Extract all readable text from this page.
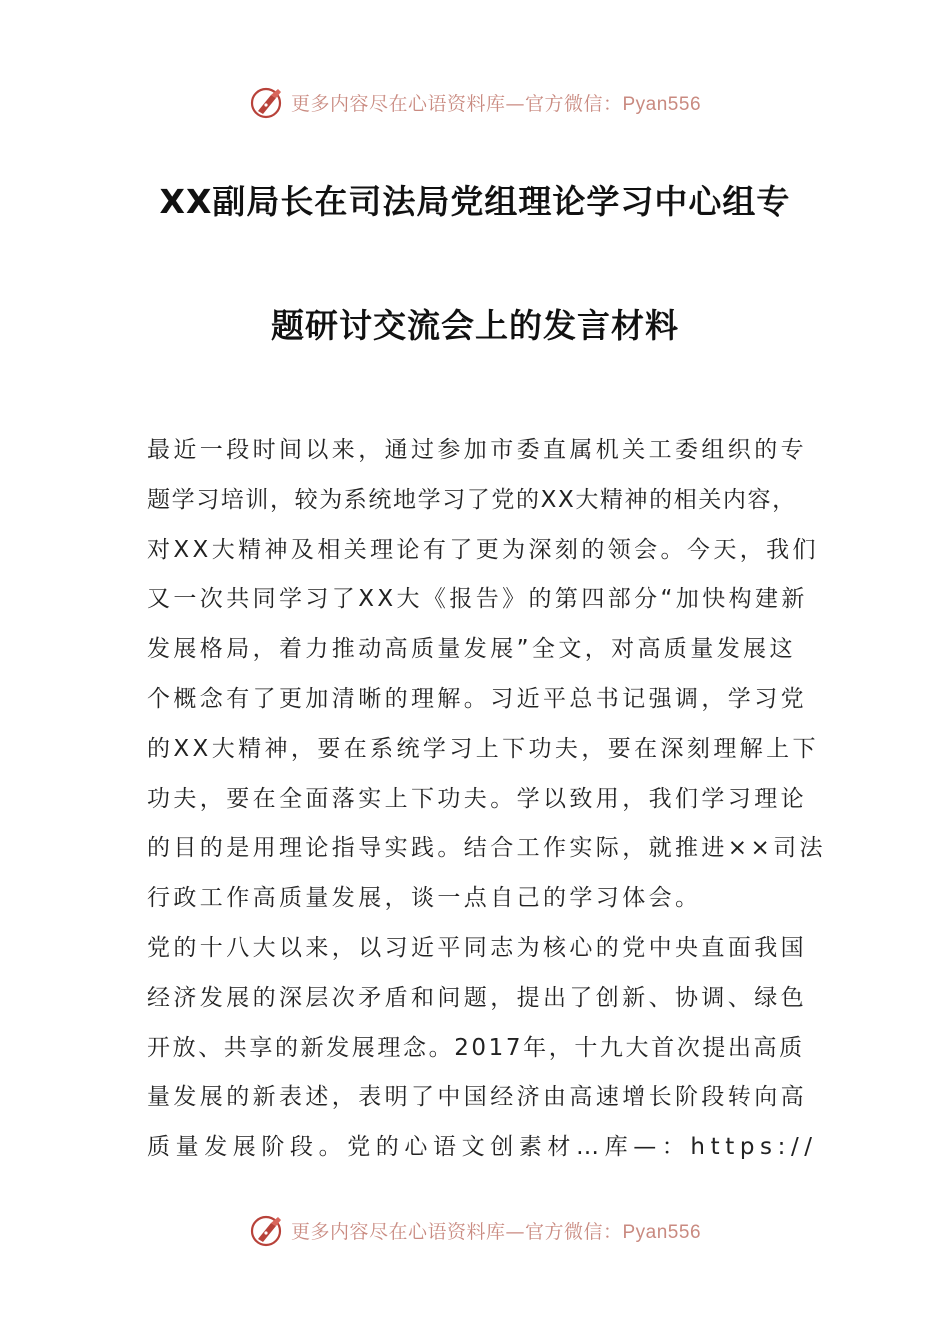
更多内容尽在心语资料库—官方微信：Pyan556
XX副局长在司法局党组理论学习中心组专
题研讨交流会上的发言材料
最近一段时间以来，通过参加市委直属机关工委组织的专
题学习培训，较为系统地学习了党的XX大精神的相关内容，
对XX大精神及相关理论有了更为深刻的领会。今天，我们
又一次共同学习了XX大《报告》的第四部分“加快构建新
发展格局，着力推动高质量发展”全文，对高质量发展这
个概念有了更加清晰的理解。习近平总书记强调，学习党
的XX大精神，要在系统学习上下功夫，要在深刻理解上下
功夫，要在全面落实上下功夫。学以致用，我们学习理论
的目的是用理论指导实践。结合工作实际，就推进××司法
行政工作高质量发展，谈一点自己的学习体会。
党的十八大以来，以习近平同志为核心的党中央直面我国
经济发展的深层次矛盾和问题，提出了创新、协调、绿色
开放、共享的新发展理念。2017年，十九大首次提出高质
量发展的新表述，表明了中国经济由高速增长阶段转向高
质量发展阶段。党的心语文创素材…库—：https://
更多内容尽在心语资料库—官方微信：Pyan556
